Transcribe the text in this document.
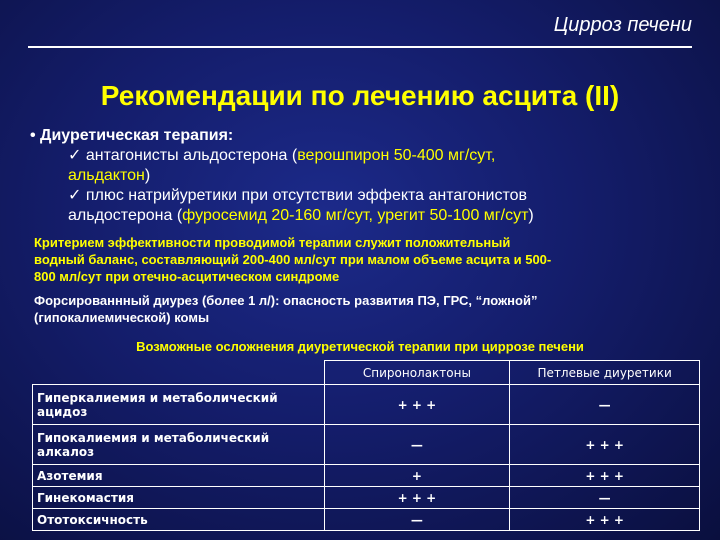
Цирроз печени
Рекомендации по лечению асцита (II)
• Диуретическая терапия:
✓ антагонисты альдостерона (верошпирон 50-400 мг/сут,
альдактон)
✓ плюс натрийуретики при отсутствии эффекта антагонистов
альдостерона (фуросемид 20-160 мг/сут, урегит 50-100 мг/сут)
Критерием эффективности проводимой терапии служит положительный
водный баланс, составляющий 200-400 мл/сут при малом объеме асцита и 500-
800 мл/сут при отечно-асцитическом синдроме
Форсированнный диурез (более 1 л/): опасность развития ПЭ, ГРС, “ложной”
(гипокалиемической) комы
Возможные осложнения диуретической терапии при циррозе печени
	Спиронолактоны	Петлевые диуретики
Гиперкалиемия и метаболический ацидоз	+ + +	—
Гипокалиемия и метаболический алкалоз	—	+ + +
Азотемия	+	+ + +
Гинекомастия	+ + +	—
Ототоксичность	—	+ + +
